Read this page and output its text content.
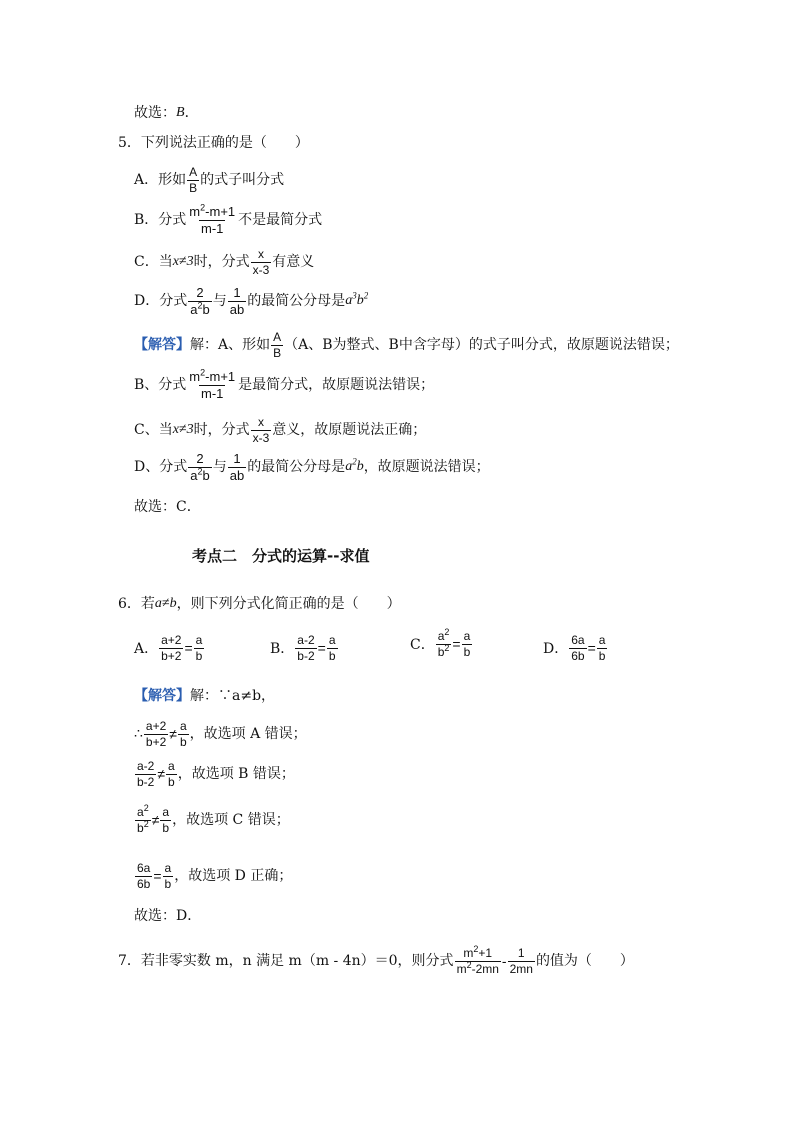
故选： B ．
5．下列说法正确的是（　　）
A．形如 $\frac{A}{B}$ 的式子叫分式
B．分式 $\frac{m^2-m+1}{m-1}$ 不是最简分式
C．当 x≠3 时，分式 $\frac{x}{x-3}$ 有意义
D．分式 $\frac{2}{a^2b}$ 与 $\frac{1}{ab}$ 的最简公分母是 $a^3b^2$
【解答】 解：A、形如 $\frac{A}{B} (A$、B为整式、B中含字母）的式子叫分式，故原题说法错误；
B、分式 $\frac{m^2-m+1}{m-1}$ 是最简分式，故原题说法错误；
C、当 x≠3 时，分式 $\frac{x}{x-3}$ 意义，故原题说法正确；
D、分式 $\frac{2}{a^2b}$ 与 $\frac{1}{ab}$ 的最简公分母是 $a^2b$ ，故原题说法错误；
故选：C．
考点二　分式的运算--求值
6．若 a≠b ，则下列分式化简正确的是（　　）
A． $\frac{a+2}{b+2} = \frac{a}{b}$	B． $\frac{a-2}{b-2} = \frac{a}{b}$	C． $\frac{a^2}{b^2} = \frac{a}{b}$	D． $\frac{6a}{6b} = \frac{a}{b}$
【解答】 解：∵a≠b，
∴ $\frac{a+2}{b+2} \ne \frac{a}{b}$ ，故选项 A 错误；
$\frac{a-2}{b-2} \ne \frac{a}{b}$ ，故选项 B 错误；
$\frac{a^2}{b^2} \ne \frac{a}{b}$ ，故选项 C 错误；
$\frac{6a}{6b} = \frac{a}{b}$ ，故选项 D 正确；
故选：D．
7．若非零实数 m，n 满足 m（m - 4n）＝0，则分式 $\frac{m^2+1}{m^2-2mn} - \frac{1}{2mn}$ 的值为（　　）
